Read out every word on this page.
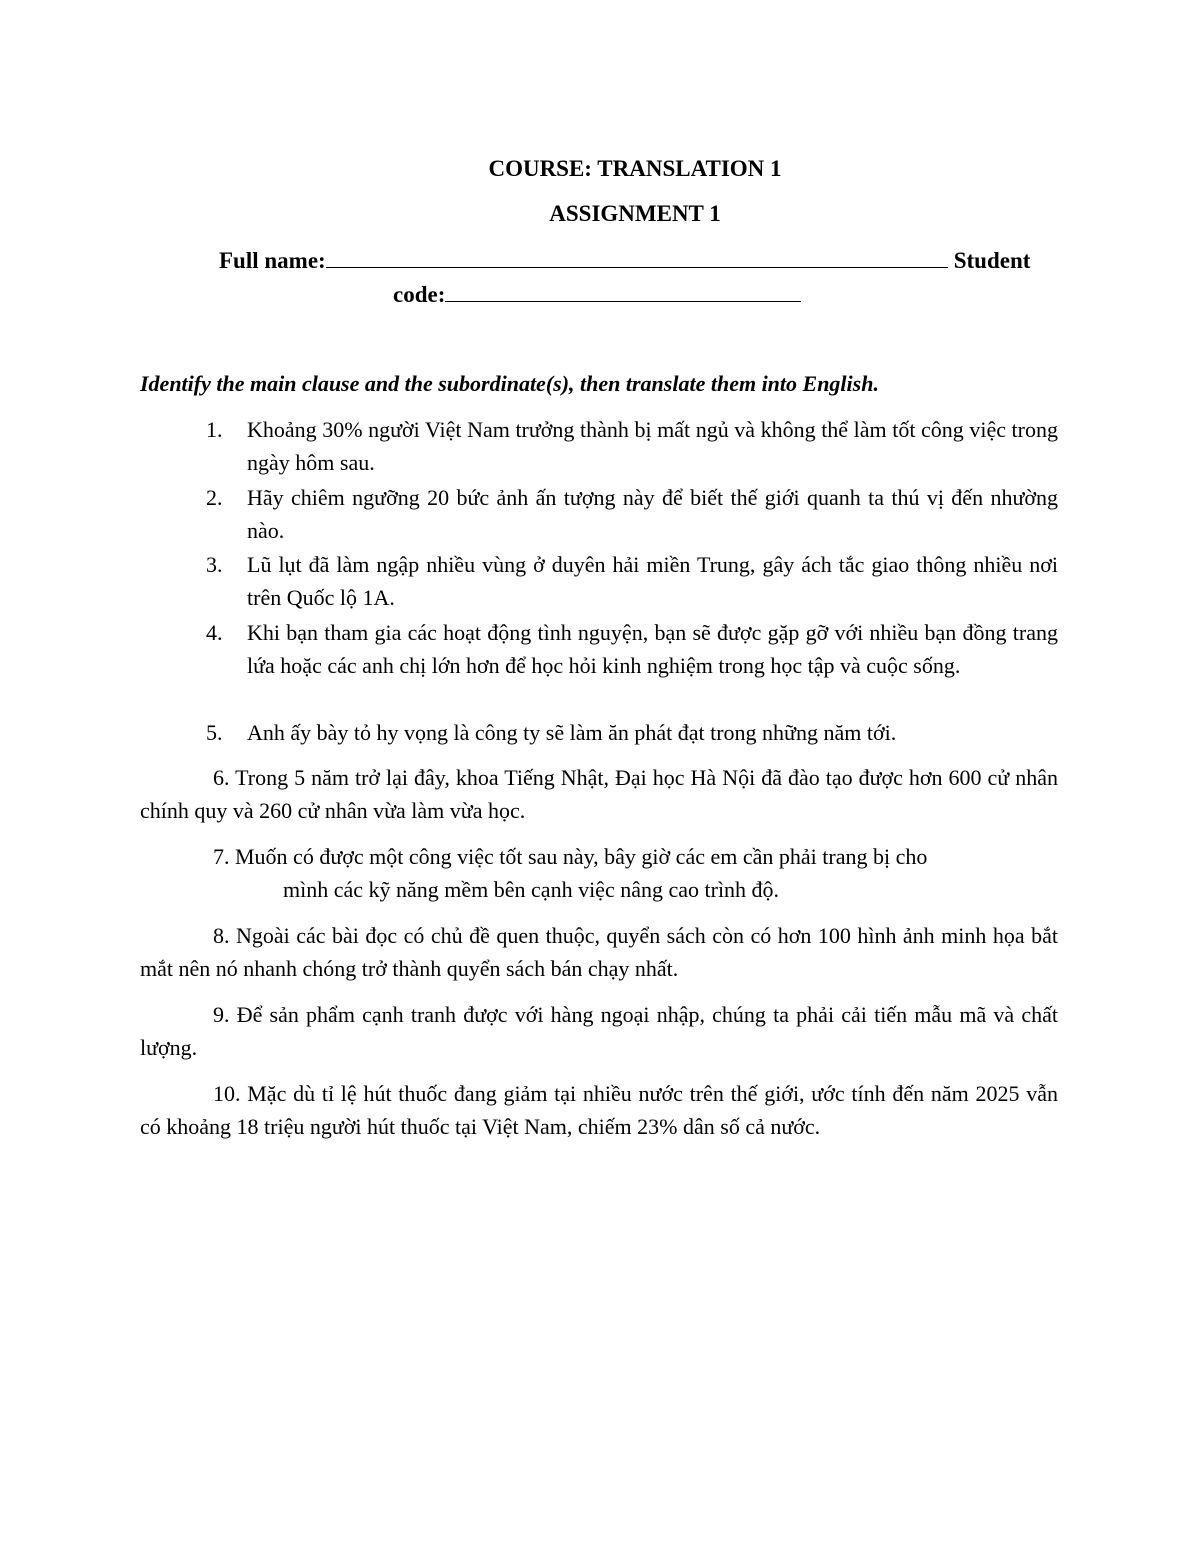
COURSE: TRANSLATION 1
ASSIGNMENT 1
Full name:	Student
code:
Identify the main clause and the subordinate(s), then translate them into English.
1.	Khoảng 30% người Việt Nam trưởng thành bị mất ngủ và không thể làm tốt công việc trong ngày hôm sau.
2.	Hãy chiêm ngưỡng 20 bức ảnh ấn tượng này để biết thế giới quanh ta thú vị đến nhường nào.
3.	Lũ lụt đã làm ngập nhiều vùng ở duyên hải miền Trung, gây ách tắc giao thông nhiều nơi trên Quốc lộ 1A.
4.	Khi bạn tham gia các hoạt động tình nguyện, bạn sẽ được gặp gỡ với nhiều bạn đồng trang lứa hoặc các anh chị lớn hơn để học hỏi kinh nghiệm trong học tập và cuộc sống.
5.	Anh ấy bày tỏ hy vọng là công ty sẽ làm ăn phát đạt trong những năm tới.
6. Trong 5 năm trở lại đây, khoa Tiếng Nhật, Đại học Hà Nội đã đào tạo được hơn 600 cử nhân chính quy và 260 cử nhân vừa làm vừa học.
7. Muốn có được một công việc tốt sau này, bây giờ các em cần phải trang bị cho
mình các kỹ năng mềm bên cạnh việc nâng cao trình độ.
8. Ngoài các bài đọc có chủ đề quen thuộc, quyển sách còn có hơn 100 hình ảnh minh họa bắt mắt nên nó nhanh chóng trở thành quyển sách bán chạy nhất.
9. Để sản phẩm cạnh tranh được với hàng ngoại nhập, chúng ta phải cải tiến mẫu mã và chất lượng.
10. Mặc dù tỉ lệ hút thuốc đang giảm tại nhiều nước trên thế giới, ước tính đến năm 2025 vẫn có khoảng 18 triệu người hút thuốc tại Việt Nam, chiếm 23% dân số cả nước.
